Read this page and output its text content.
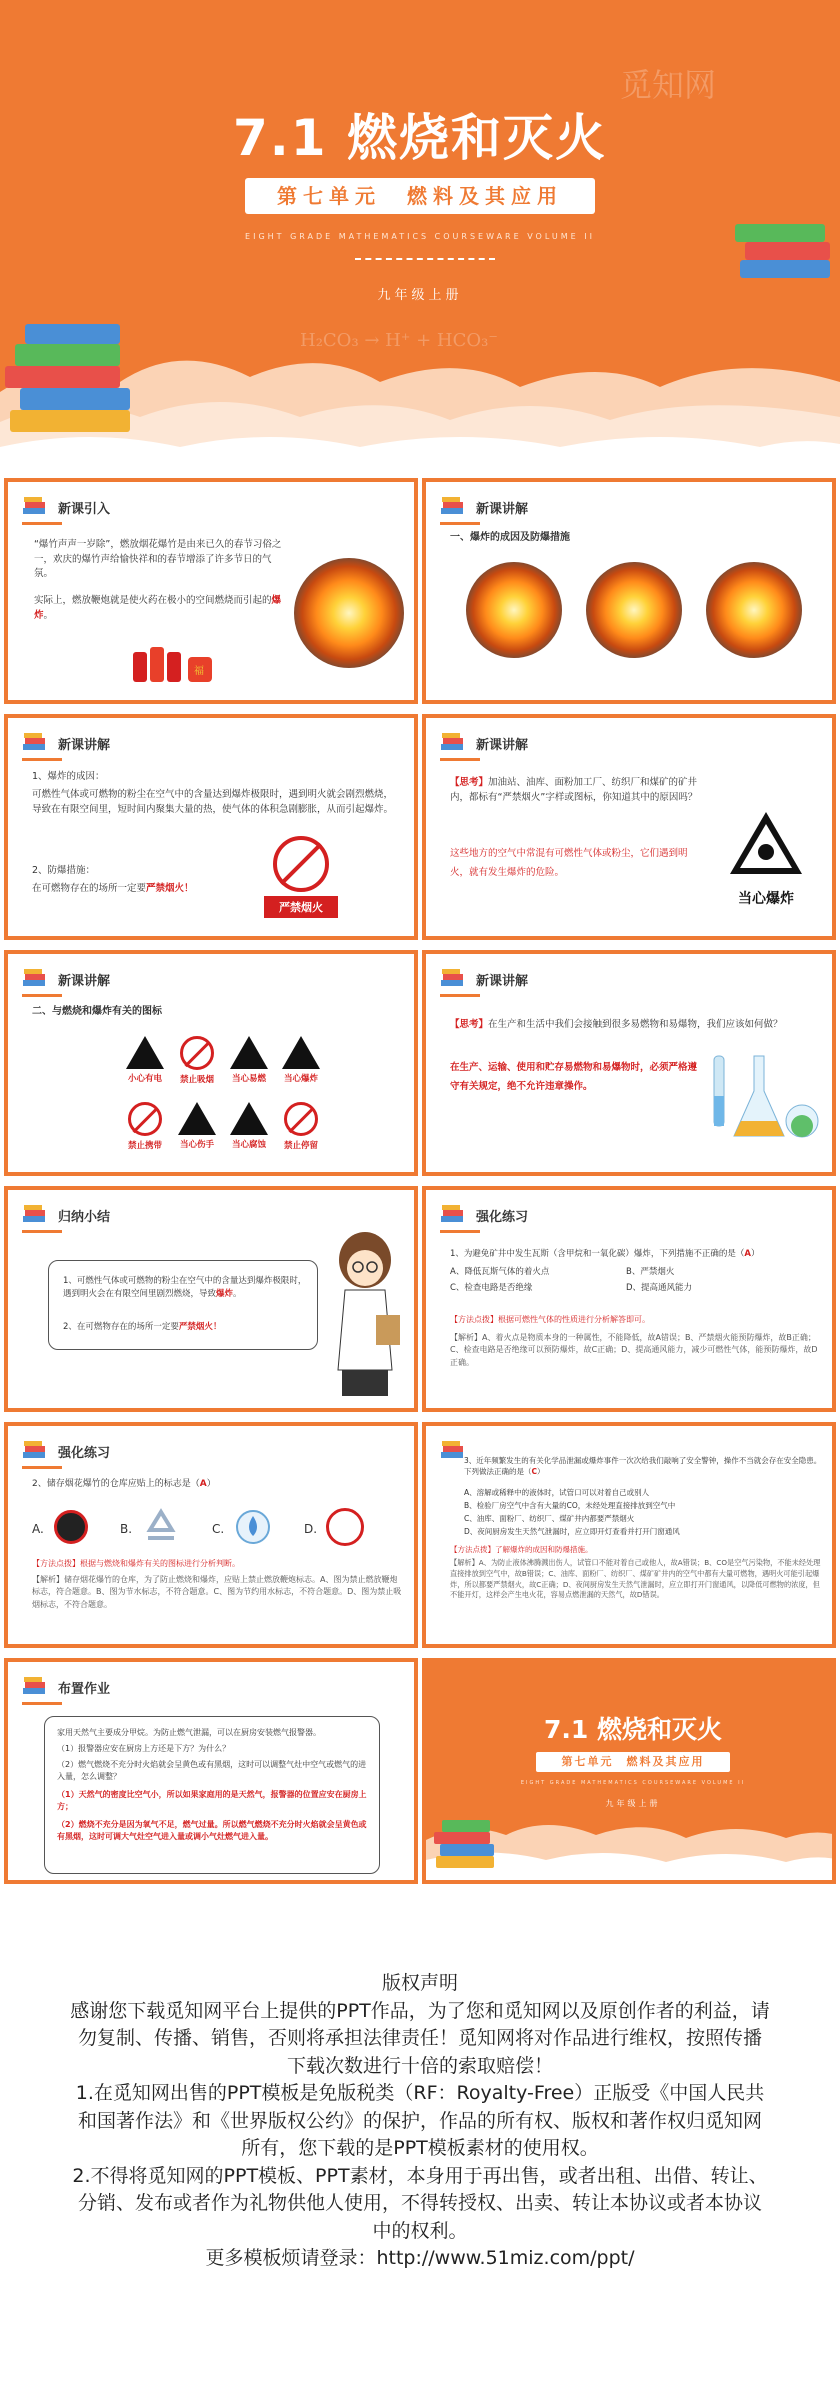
H₂CO₃ → H⁺ + HCO₃⁻
觅知网
7.1 燃烧和灭火
第七单元　燃料及其应用
EIGHT GRADE MATHEMATICS COURSEWARE VOLUME II
九年级上册
新课引入
“爆竹声声一岁除”，燃放烟花爆竹是由来已久的春节习俗之一，欢庆的爆竹声给愉快祥和的春节增添了许多节日的气氛。
实际上，燃放鞭炮就是使火药在极小的空间燃烧而引起的爆炸。
福
新课讲解
一、爆炸的成因及防爆措施
新课讲解
1、爆炸的成因：
可燃性气体或可燃物的粉尘在空气中的含量达到爆炸极限时，遇到明火就会剧烈燃烧，导致在有限空间里，短时间内聚集大量的热，使气体的体积急剧膨胀，从而引起爆炸。
2、防爆措施：
在可燃物存在的场所一定要严禁烟火！
严禁烟火
新课讲解
【思考】加油站、油库、面粉加工厂、纺织厂和煤矿的矿井内，都标有“严禁烟火”字样或图标，你知道其中的原因吗？
这些地方的空气中常混有可燃性气体或粉尘，它们遇到明火，就有发生爆炸的危险。
当心爆炸
新课讲解
二、与燃烧和爆炸有关的图标
小心有电	禁止吸烟	当心易燃	当心爆炸
禁止携带	当心伤手	当心腐蚀	禁止停留
新课讲解
【思考】在生产和生活中我们会接触到很多易燃物和易爆物，我们应该如何做？
在生产、运输、使用和贮存易燃物和易爆物时，必须严格遵守有关规定，绝不允许违章操作。
归纳小结
1、可燃性气体或可燃物的粉尘在空气中的含量达到爆炸极限时，遇到明火会在有限空间里剧烈燃烧，导致爆炸。
2、在可燃物存在的场所一定要严禁烟火！
强化练习
1、为避免矿井中发生瓦斯（含甲烷和一氧化碳）爆炸，下列措施不正确的是（A）
A、降低瓦斯气体的着火点	B、严禁烟火
C、检查电路是否绝缘	D、提高通风能力
【方法点拨】根据可燃性气体的性质进行分析解答即可。
【解析】A、着火点是物质本身的一种属性，不能降低，故A错误；B、严禁烟火能预防爆炸，故B正确；C、检查电路是否绝缘可以预防爆炸，故C正确；D、提高通风能力，减少可燃性气体，能预防爆炸，故D正确。
强化练习
2、储存烟花爆竹的仓库应贴上的标志是（A）
A.	B.	C.	D.
【方法点拨】根据与燃烧和爆炸有关的图标进行分析判断。
【解析】储存烟花爆竹的仓库，为了防止燃烧和爆炸，应贴上禁止燃放鞭炮标志。A、图为禁止燃放鞭炮标志，符合题意。B、图为节水标志，不符合题意。C、图为节约用水标志，不符合题意。D、图为禁止吸烟标志，不符合题意。
3、近年频繁发生的有关化学品泄漏或爆炸事件一次次给我们敲响了安全警钟，操作不当就会存在安全隐患。下列做法正确的是（C）
A、溶解或稀释中的液体时，试管口可以对着自己或别人
B、检验厂房空气中含有大量的CO，未经处理直接排放到空气中
C、油库、面粉厂、纺织厂、煤矿井内都要严禁烟火
D、夜间厨房发生天然气泄漏时，应立即开灯查看并打开门窗通风
【方法点拨】了解爆炸的成因和防爆措施。
【解析】A、为防止液体沸腾溅出伤人，试管口不能对着自己或他人，故A错误；B、CO是空气污染物，不能未经处理直接排放到空气中，故B错误；C、油库、面粉厂、纺织厂、煤矿矿井内的空气中都有大量可燃物，遇明火可能引起爆炸，所以都要严禁烟火，故C正确；D、夜间厨房发生天然气泄漏时，应立即打开门窗通风，以降低可燃物的浓度，但不能开灯，这样会产生电火花，容易点燃泄漏的天然气，故D错误。
布置作业
家用天然气主要成分甲烷。为防止燃气泄漏，可以在厨房安装燃气报警器。
（1）报警器应安在厨房上方还是下方？为什么？
（2）燃气燃烧不充分时火焰就会呈黄色或有黑烟，这时可以调整气灶中空气或燃气的进入量，怎么调整？
（1）天然气的密度比空气小，所以如果家庭用的是天然气，报警器的位置应安在厨房上方；
（2）燃烧不充分是因为氧气不足，燃气过量。所以燃气燃烧不充分时火焰就会呈黄色或有黑烟，这时可调大气灶空气进入量或调小气灶燃气进入量。
7.1 燃烧和灭火
第七单元　燃料及其应用
EIGHT GRADE MATHEMATICS COURSEWARE VOLUME II
九年级上册
版权声明
感谢您下载觅知网平台上提供的PPT作品，为了您和觅知网以及原创作者的利益，请勿复制、传播、销售，否则将承担法律责任！觅知网将对作品进行维权，按照传播下载次数进行十倍的索取赔偿！
1.在觅知网出售的PPT模板是免版税类（RF：Royalty-Free）正版受《中国人民共和国著作法》和《世界版权公约》的保护，作品的所有权、版权和著作权归觅知网所有，您下载的是PPT模板素材的使用权。
2.不得将觅知网的PPT模板、PPT素材，本身用于再出售，或者出租、出借、转让、分销、发布或者作为礼物供他人使用，不得转授权、出卖、转让本协议或者本协议中的权利。
更多模板烦请登录：http://www.51miz.com/ppt/
